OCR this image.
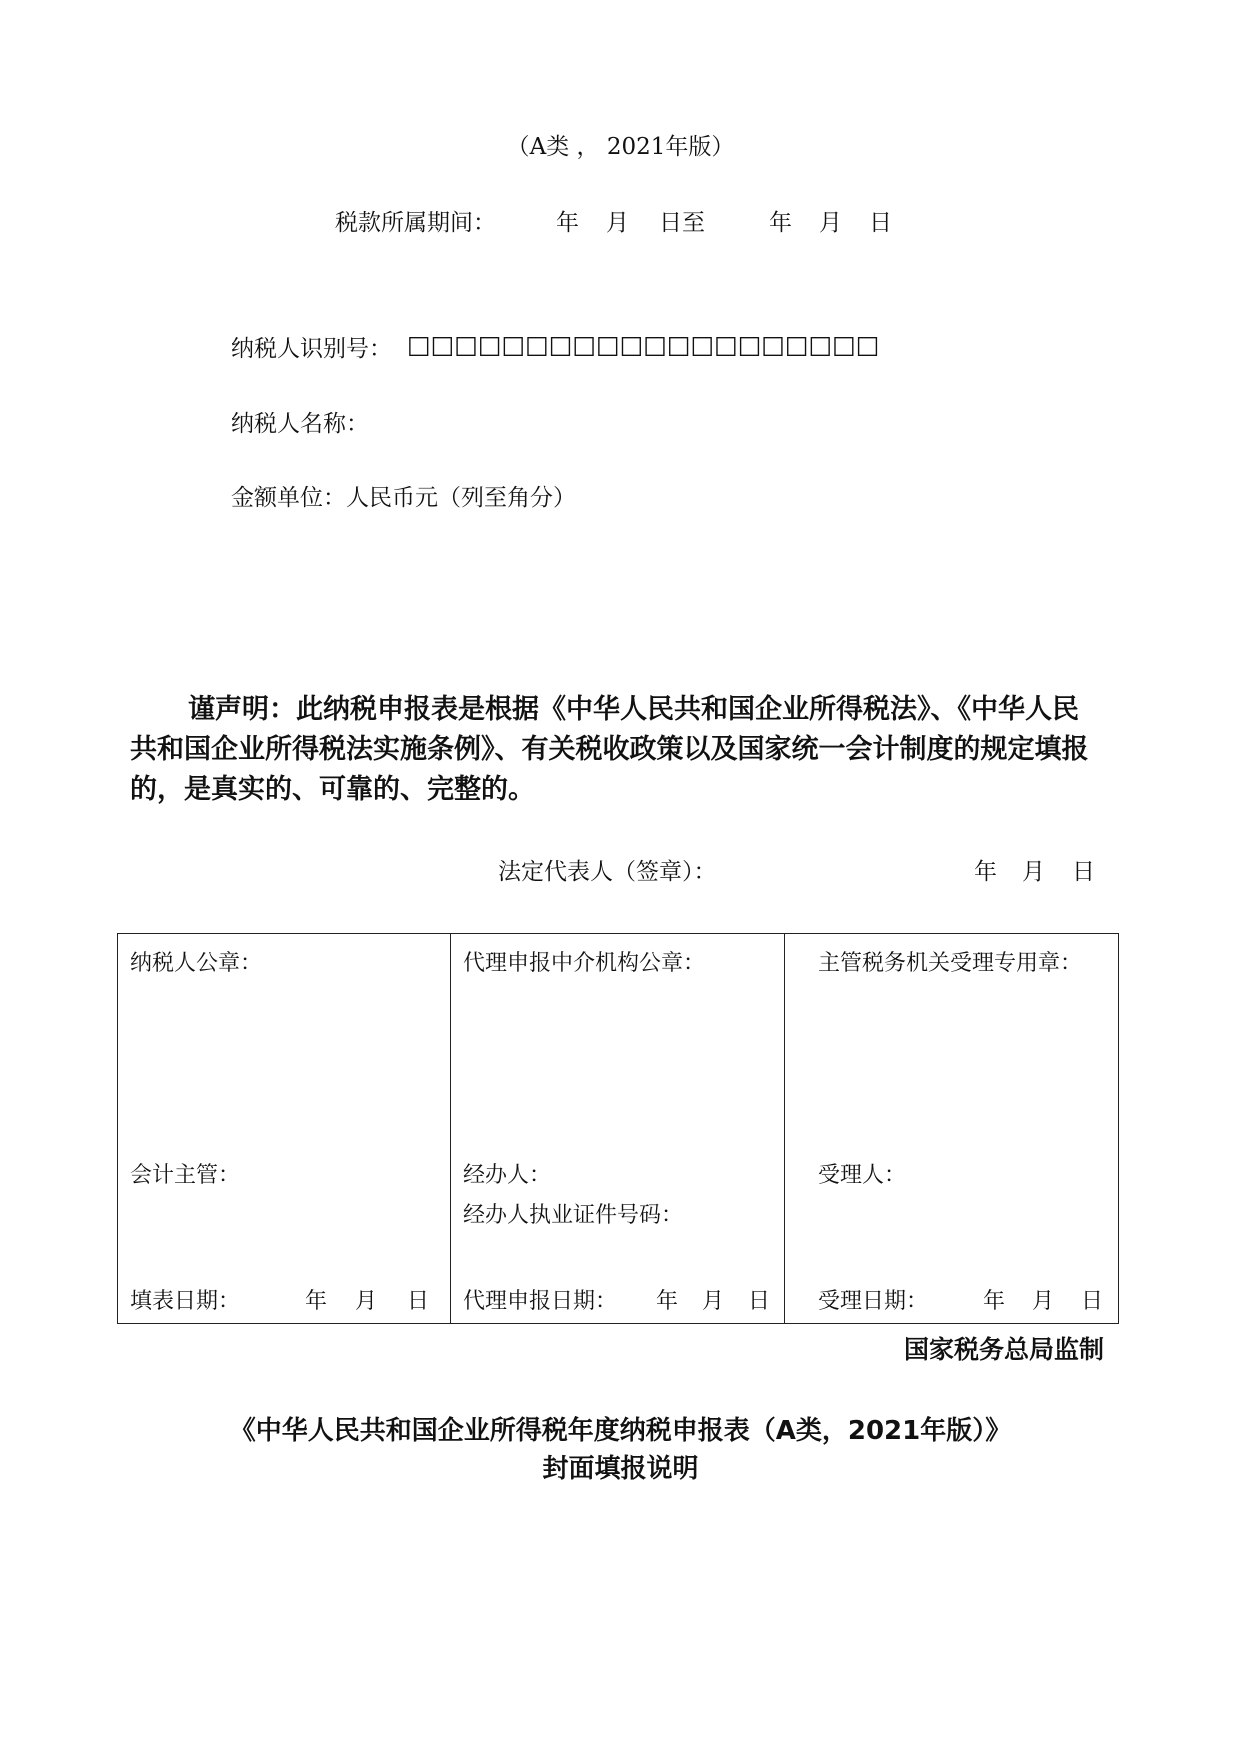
（A类 ， 2021年版）
税款所属期间：	年 月 日至	年 月 日
纳税人识别号： □□□□□□□□□□□□□□□□□□□□
纳税人名称：
金额单位：人民币元（列至角分）
谨声明：此纳税申报表是根据《中华人民共和国企业所得税法》、《中华人民共和国企业所得税法实施条例》、有关税收政策以及国家统一会计制度的规定填报的，是真实的、可靠的、完整的。
法定代表人（签章）：	年 月 日
纳税人公章：
会计主管：
填表日期：	年 月 日
代理申报中介机构公章：
经办人：
经办人执业证件号码：
代理申报日期： 年 月 日
主管税务机关受理专用章：
受理人：
受理日期： 年 月 日
国家税务总局监制
《中华人民共和国企业所得税年度纳税申报表（A类，2021年版）》
封面填报说明
